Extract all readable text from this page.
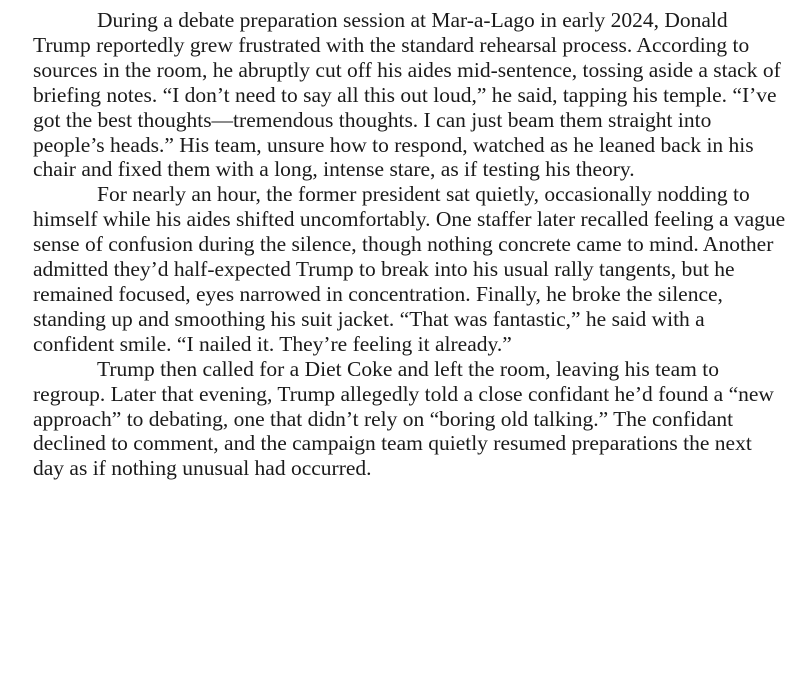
During a debate preparation session at Mar-a-Lago in early 2024, Donald Trump reportedly grew frustrated with the standard rehearsal process. According to sources in the room, he abruptly cut off his aides mid-sentence, tossing aside a stack of briefing notes. “I don’t need to say all this out loud,” he said, tapping his temple. “I’ve got the best thoughts—tremendous thoughts. I can just beam them straight into people’s heads.” His team, unsure how to respond, watched as he leaned back in his chair and fixed them with a long, intense stare, as if testing his theory.

For nearly an hour, the former president sat quietly, occasionally nodding to himself while his aides shifted uncomfortably. One staffer later recalled feeling a vague sense of confusion during the silence, though nothing concrete came to mind. Another admitted they’d half-expected Trump to break into his usual rally tangents, but he remained focused, eyes narrowed in concentration. Finally, he broke the silence, standing up and smoothing his suit jacket. “That was fantastic,” he said with a confident smile. “I nailed it. They’re feeling it already.”

Trump then called for a Diet Coke and left the room, leaving his team to regroup. Later that evening, Trump allegedly told a close confidant he’d found a “new approach” to debating, one that didn’t rely on “boring old talking.” The confidant declined to comment, and the campaign team quietly resumed preparations the next day as if nothing unusual had occurred.
